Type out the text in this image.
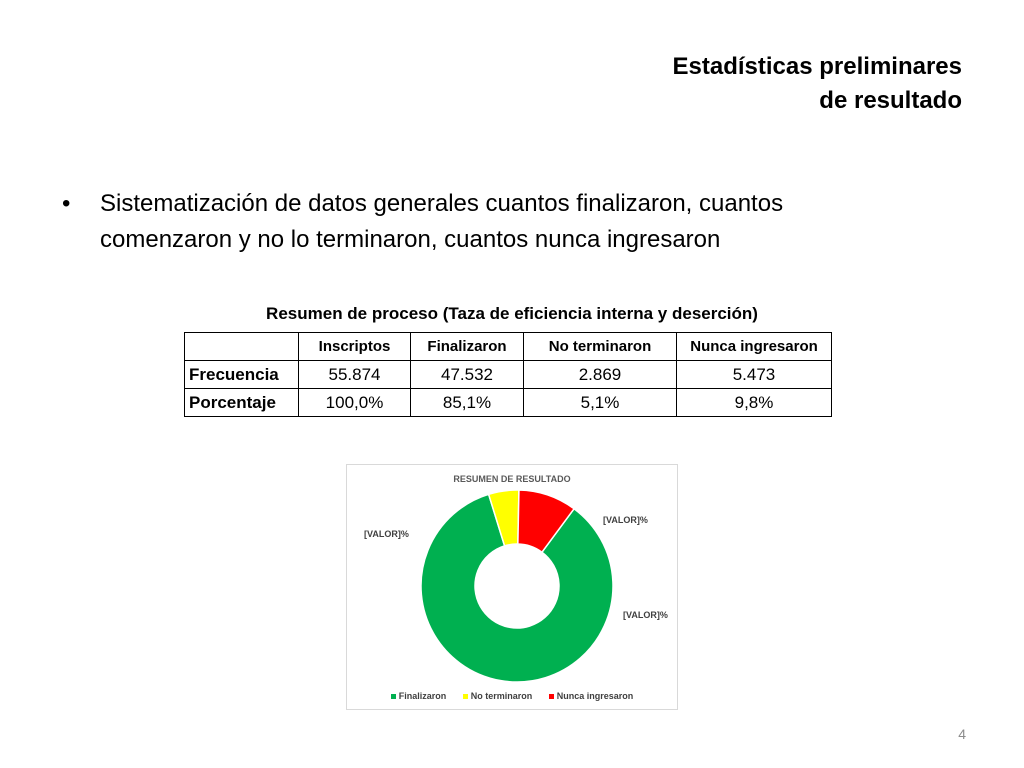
Estadísticas preliminares
de resultado
• Sistematización de datos generales cuantos finalizaron, cuantos comenzaron y no lo terminaron, cuantos nunca ingresaron
Resumen de proceso (Taza de eficiencia interna y deserción)
	Inscriptos	Finalizaron	No terminaron	Nunca ingresaron
Frecuencia	55.874	47.532	2.869	5.473
Porcentaje	100,0%	85,1%	5,1%	9,8%
RESUMEN DE RESULTADO
[VALOR]%
[VALOR]%
[VALOR]%
Finalizaron	No terminaron	Nunca ingresaron
4
